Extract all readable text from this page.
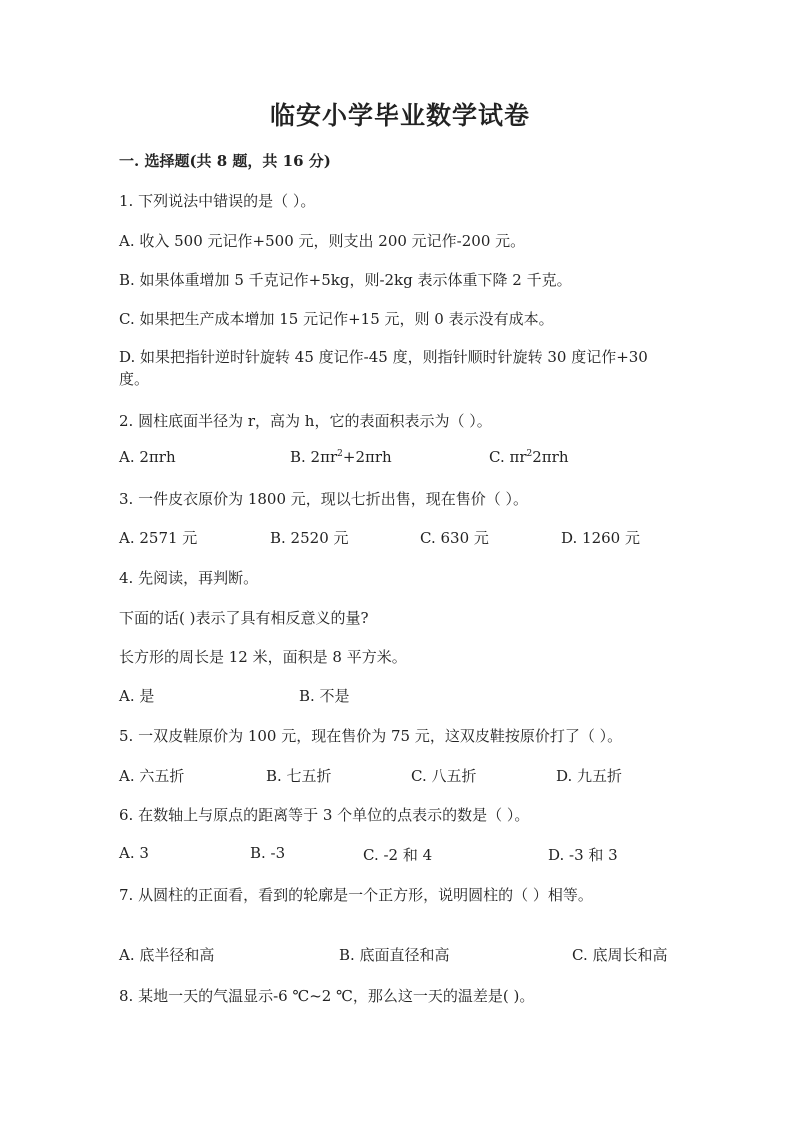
临安小学毕业数学试卷
一. 选择题(共 8 题，共 16 分)
1. 下列说法中错误的是（ ）。
A. 收入 500 元记作+500 元，则支出 200 元记作-200 元。
B. 如果体重增加 5 千克记作+5kg，则-2kg 表示体重下降 2 千克。
C. 如果把生产成本增加 15 元记作+15 元，则 0 表示没有成本。
D. 如果把指针逆时针旋转 45 度记作-45 度，则指针顺时针旋转 30 度记作+30 度。
2. 圆柱底面半径为 r，高为 h，它的表面积表示为（ ）。
A. 2πrh	B. $2\pi r^2+2\pi rh$	C. $\pi r^22\pi rh$
3. 一件皮衣原价为 1800 元，现以七折出售，现在售价（ ）。
A. 2571 元	B. 2520 元	C. 630 元	D. 1260 元
4. 先阅读，再判断。
下面的话( )表示了具有相反意义的量?
长方形的周长是 12 米，面积是 8 平方米。
A. 是	B. 不是
5. 一双皮鞋原价为 100 元，现在售价为 75 元，这双皮鞋按原价打了（ ）。
A. 六五折	B. 七五折	C. 八五折	D. 九五折
6. 在数轴上与原点的距离等于 3 个单位的点表示的数是（ ）。
A. 3	B. -3	C. -2 和 4	D. -3 和 3
7. 从圆柱的正面看，看到的轮廓是一个正方形，说明圆柱的（ ）相等。
A. 底半径和高	B. 底面直径和高	C. 底周长和高
8. 某地一天的气温显示-6 ℃~2 ℃，那么这一天的温差是( )。
